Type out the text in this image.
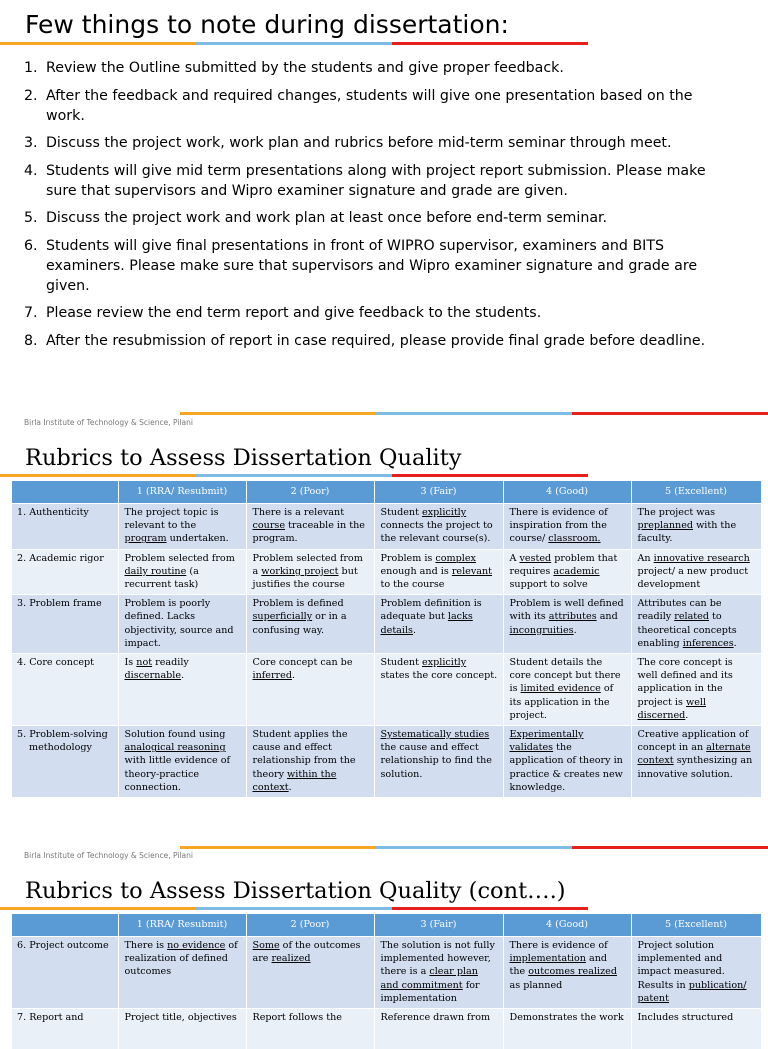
Few things to note during dissertation:
1. Review the Outline submitted by the students and give proper feedback.
2. After the feedback and required changes, students will give one presentation based on the work.
3. Discuss the project work, work plan and rubrics before mid-term seminar through meet.
4. Students will give mid term presentations along with project report submission. Please make sure that supervisors and Wipro examiner signature and grade are given.
5. Discuss the project work and work plan at least once before end-term seminar.
6. Students will give final presentations in front of WIPRO supervisor, examiners and BITS examiners. Please make sure that supervisors and Wipro examiner signature and grade are given.
7. Please review the end term report and give feedback to the students.
8. After the resubmission of report in case required, please provide final grade before deadline.
Birla Institute of Technology & Science, Pilani
Rubrics to Assess Dissertation Quality
	1 (RRA/ Resubmit)	2 (Poor)	3 (Fair)	4 (Good)	5 (Excellent)
1. Authenticity	The project topic is relevant to the program undertaken.	There is a relevant course traceable in the program.	Student explicitly connects the project to the relevant course(s).	There is evidence of inspiration from the course/ classroom.	The project was preplanned with the faculty.
2. Academic rigor	Problem selected from daily routine (a recurrent task)	Problem selected from a working project but justifies the course	Problem is complex enough and is relevant to the course	A vested problem that requires academic support to solve	An innovative research project/ a new product development
3. Problem frame	Problem is poorly defined. Lacks objectivity, source and impact.	Problem is defined superficially or in a confusing way.	Problem definition is adequate but lacks details.	Problem is well defined with its attributes and incongruities.	Attributes can be readily related to theoretical concepts enabling inferences.
4. Core concept	Is not readily discernable.	Core concept can be inferred.	Student explicitly states the core concept.	Student details the core concept but there is limited evidence of its application in the project.	The core concept is well defined and its application in the project is well discerned.
5. Problem-solving methodology	Solution found using analogical reasoning with little evidence of theory-practice connection.	Student applies the cause and effect relationship from the theory within the context.	Systematically studies the cause and effect relationship to find the solution.	Experimentally validates the application of theory in practice & creates new knowledge.	Creative application of concept in an alternate context synthesizing an innovative solution.
Birla Institute of Technology & Science, Pilani
Rubrics to Assess Dissertation Quality (cont….)
	1 (RRA/ Resubmit)	2 (Poor)	3 (Fair)	4 (Good)	5 (Excellent)
6. Project outcome	There is no evidence of realization of defined outcomes	Some of the outcomes are realized	The solution is not fully implemented however, there is a clear plan and commitment for implementation	There is evidence of implementation and the outcomes realized as planned	Project solution implemented and impact measured. Results in publication/ patent
7. Report and	Project title, objectives	Report follows the	Reference drawn from	Demonstrates the work	Includes structured
